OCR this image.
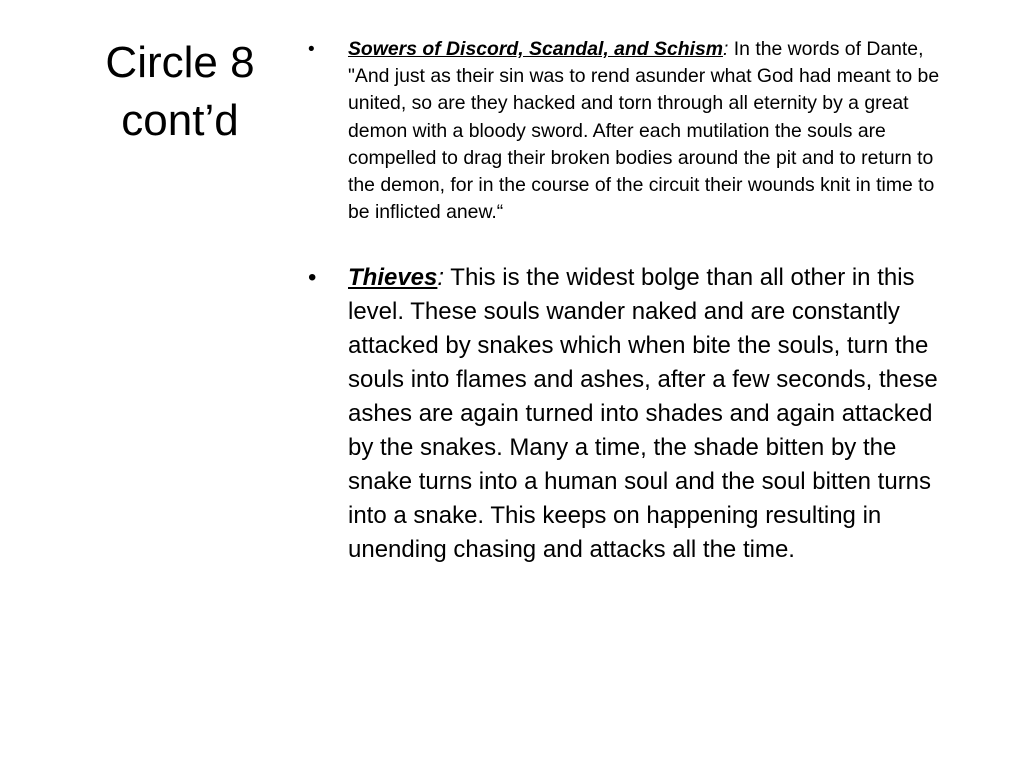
Circle 8
cont’d
• Sowers of Discord, Scandal, and Schism: In the words of Dante, "And just as their sin was to rend asunder what God had meant to be united, so are they hacked and torn through all eternity by a great demon with a bloody sword. After each mutilation the souls are compelled to drag their broken bodies around the pit and to return to the demon, for in the course of the circuit their wounds knit in time to be inflicted anew.“
• Thieves: This is the widest bolge than all other in this level. These souls wander naked and are constantly attacked by snakes which when bite the souls, turn the souls into flames and ashes, after a few seconds, these ashes are again turned into shades and again attacked by the snakes. Many a time, the shade bitten by the snake turns into a human soul and the soul bitten turns into a snake. This keeps on happening resulting in unending chasing and attacks all the time.
